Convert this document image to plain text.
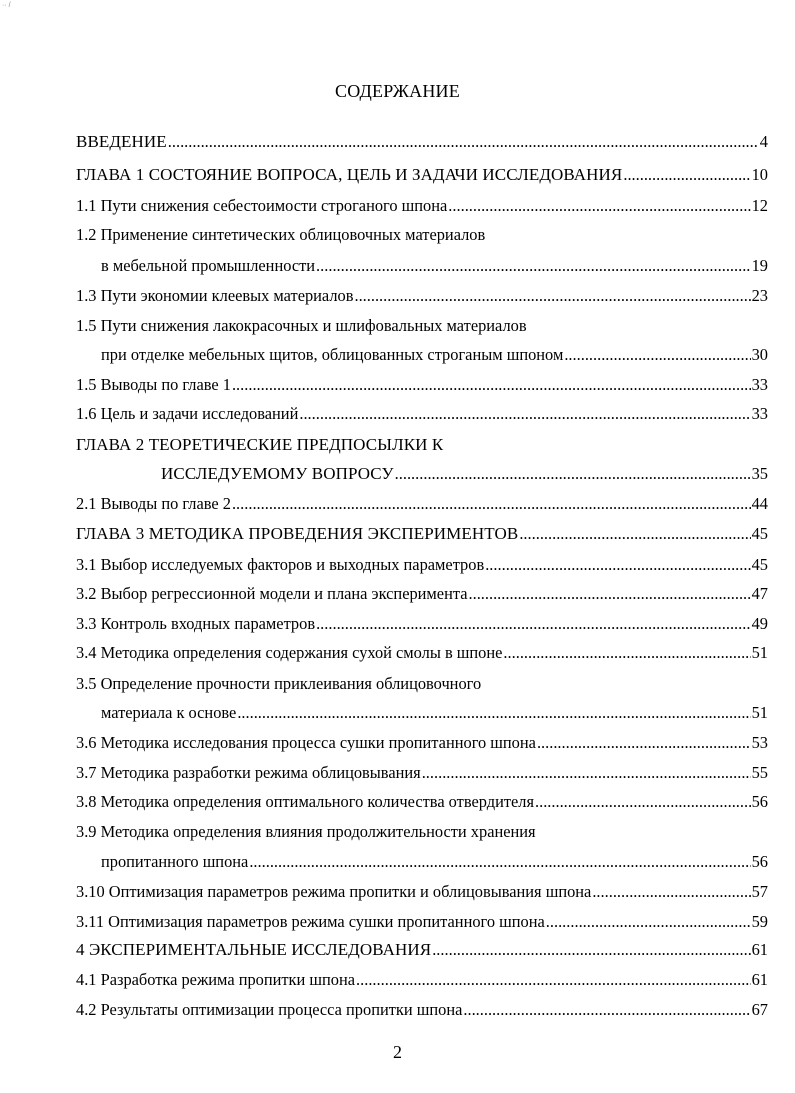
·· /
СОДЕРЖАНИЕ
ВВЕДЕНИЕ .....	4
ГЛАВА 1 СОСТОЯНИЕ ВОПРОСА, ЦЕЛЬ И ЗАДАЧИ ИССЛЕДОВАНИЯ .....	10
1.1 Пути снижения себестоимости строганого шпона .....	12
1.2 Применение синтетических облицовочных материалов
в мебельной промышленности .....	19
1.3 Пути экономии клеевых материалов .....	23
1.5 Пути снижения лакокрасочных и шлифовальных материалов
при отделке мебельных щитов, облицованных строганым шпоном .....	30
1.5 Выводы по главе 1 .....	33
1.6 Цель и задачи исследований .....	33
ГЛАВА 2 ТЕОРЕТИЧЕСКИЕ ПРЕДПОСЫЛКИ К
ИССЛЕДУЕМОМУ ВОПРОСУ .....	35
2.1 Выводы по главе 2 .....	44
ГЛАВА 3 МЕТОДИКА ПРОВЕДЕНИЯ ЭКСПЕРИМЕНТОВ .....	45
3.1 Выбор исследуемых факторов и выходных параметров .....	45
3.2 Выбор регрессионной модели и плана эксперимента .....	47
3.3 Контроль входных параметров .....	49
3.4 Методика определения содержания сухой смолы в шпоне .....	51
3.5 Определение прочности приклеивания облицовочного
материала к основе .....	51
3.6 Методика исследования процесса сушки пропитанного шпона .....	53
3.7 Методика разработки режима облицовывания .....	55
3.8 Методика определения оптимального количества отвердителя .....	56
3.9 Методика определения влияния продолжительности хранения
пропитанного шпона .....	56
3.10 Оптимизация параметров режима пропитки и облицовывания шпона .....	57
3.11 Оптимизация параметров режима сушки пропитанного шпона .....	59
4 ЭКСПЕРИМЕНТАЛЬНЫЕ ИССЛЕДОВАНИЯ .....	61
4.1 Разработка режима пропитки шпона .....	61
4.2 Результаты оптимизации процесса пропитки шпона .....	67
2
